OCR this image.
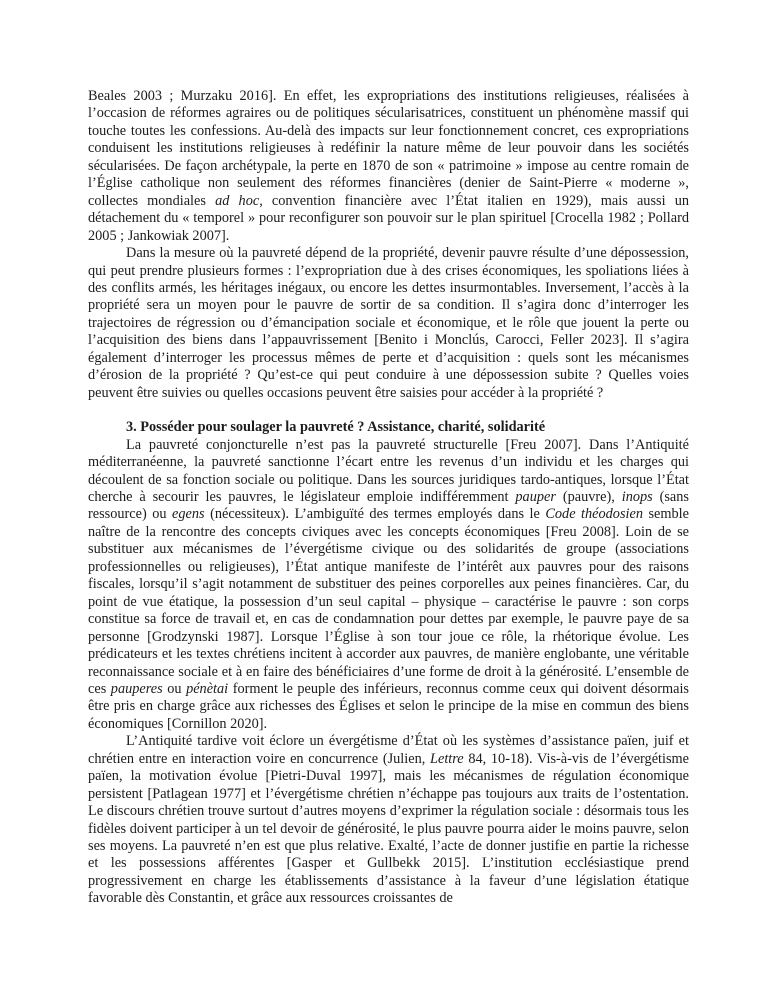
Beales 2003 ; Murzaku 2016]. En effet, les expropriations des institutions religieuses, réalisées à l’occasion de réformes agraires ou de politiques sécularisatrices, constituent un phénomène massif qui touche toutes les confessions. Au-delà des impacts sur leur fonctionnement concret, ces expropriations conduisent les institutions religieuses à redéfinir la nature même de leur pouvoir dans les sociétés sécularisées. De façon archétypale, la perte en 1870 de son « patrimoine » impose au centre romain de l’Église catholique non seulement des réformes financières (denier de Saint-Pierre « moderne », collectes mondiales ad hoc, convention financière avec l’État italien en 1929), mais aussi un détachement du « temporel » pour reconfigurer son pouvoir sur le plan spirituel [Crocella 1982 ; Pollard 2005 ; Jankowiak 2007].

Dans la mesure où la pauvreté dépend de la propriété, devenir pauvre résulte d’une dépossession, qui peut prendre plusieurs formes : l’expropriation due à des crises économiques, les spoliations liées à des conflits armés, les héritages inégaux, ou encore les dettes insurmontables. Inversement, l’accès à la propriété sera un moyen pour le pauvre de sortir de sa condition. Il s’agira donc d’interroger les trajectoires de régression ou d’émancipation sociale et économique, et le rôle que jouent la perte ou l’acquisition des biens dans l’appauvrissement [Benito i Monclús, Carocci, Feller 2023]. Il s’agira également d’interroger les processus mêmes de perte et d’acquisition : quels sont les mécanismes d’érosion de la propriété ? Qu’est-ce qui peut conduire à une dépossession subite ? Quelles voies peuvent être suivies ou quelles occasions peuvent être saisies pour accéder à la propriété ?

3. Posséder pour soulager la pauvreté ? Assistance, charité, solidarité

La pauvreté conjoncturelle n’est pas la pauvreté structurelle [Freu 2007]. Dans l’Antiquité méditerranéenne, la pauvreté sanctionne l’écart entre les revenus d’un individu et les charges qui découlent de sa fonction sociale ou politique. Dans les sources juridiques tardo-antiques, lorsque l’État cherche à secourir les pauvres, le législateur emploie indifféremment pauper (pauvre), inops (sans ressource) ou egens (nécessiteux). L’ambiguïté des termes employés dans le Code théodosien semble naître de la rencontre des concepts civiques avec les concepts économiques [Freu 2008]. Loin de se substituer aux mécanismes de l’évergétisme civique ou des solidarités de groupe (associations professionnelles ou religieuses), l’État antique manifeste de l’intérêt aux pauvres pour des raisons fiscales, lorsqu’il s’agit notamment de substituer des peines corporelles aux peines financières. Car, du point de vue étatique, la possession d’un seul capital – physique – caractérise le pauvre : son corps constitue sa force de travail et, en cas de condamnation pour dettes par exemple, le pauvre paye de sa personne [Grodzynski 1987]. Lorsque l’Église à son tour joue ce rôle, la rhétorique évolue. Les prédicateurs et les textes chrétiens incitent à accorder aux pauvres, de manière englobante, une véritable reconnaissance sociale et à en faire des bénéficiaires d’une forme de droit à la générosité. L’ensemble de ces pauperes ou pénètai forment le peuple des inférieurs, reconnus comme ceux qui doivent désormais être pris en charge grâce aux richesses des Églises et selon le principe de la mise en commun des biens économiques [Cornillon 2020].

L’Antiquité tardive voit éclore un évergétisme d’État où les systèmes d’assistance païen, juif et chrétien entre en interaction voire en concurrence (Julien, Lettre 84, 10-18). Vis-à-vis de l’évergétisme païen, la motivation évolue [Pietri-Duval 1997], mais les mécanismes de régulation économique persistent [Patlagean 1977] et l’évergétisme chrétien n’échappe pas toujours aux traits de l’ostentation. Le discours chrétien trouve surtout d’autres moyens d’exprimer la régulation sociale : désormais tous les fidèles doivent participer à un tel devoir de générosité, le plus pauvre pourra aider le moins pauvre, selon ses moyens. La pauvreté n’en est que plus relative. Exalté, l’acte de donner justifie en partie la richesse et les possessions afférentes [Gasper et Gullbekk 2015]. L’institution ecclésiastique prend progressivement en charge les établissements d’assistance à la faveur d’une législation étatique favorable dès Constantin, et grâce aux ressources croissantes de
